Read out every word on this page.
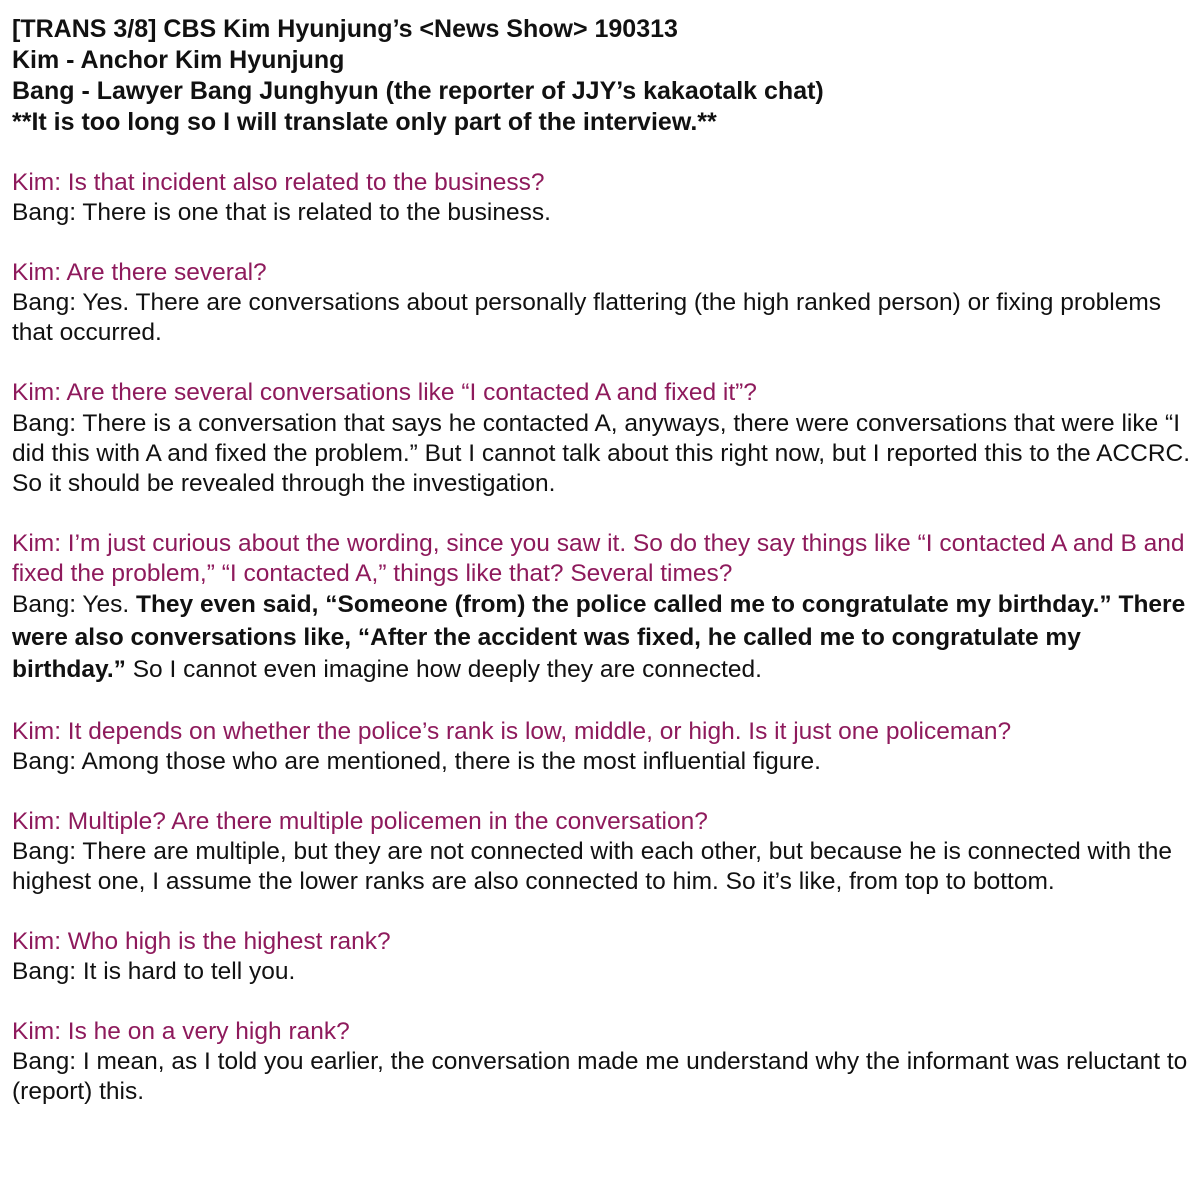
[TRANS 3/8] CBS Kim Hyunjung’s <News Show> 190313

Kim - Anchor Kim Hyunjung

Bang - Lawyer Bang Junghyun (the reporter of JJY’s kakaotalk chat)

**It is too long so I will translate only part of the interview.**

Kim: Is that incident also related to the business?

Bang: There is one that is related to the business.

Kim: Are there several?

Bang: Yes. There are conversations about personally flattering (the high ranked person) or fixing problems that occurred.

Kim: Are there several conversations like “I contacted A and fixed it”?

Bang: There is a conversation that says he contacted A, anyways, there were conversations that were like “I did this with A and fixed the problem.” But I cannot talk about this right now, but I reported this to the ACCRC. So it should be revealed through the investigation.

Kim: I’m just curious about the wording, since you saw it. So do they say things like “I contacted A and B and fixed the problem,” “I contacted A,” things like that? Several times?

Bang: Yes. They even said, “Someone (from) the police called me to congratulate my birthday.” There were also conversations like, “After the accident was fixed, he called me to congratulate my birthday.” So I cannot even imagine how deeply they are connected.

Kim: It depends on whether the police’s rank is low, middle, or high. Is it just one policeman?

Bang: Among those who are mentioned, there is the most influential figure.

Kim: Multiple? Are there multiple policemen in the conversation?

Bang: There are multiple, but they are not connected with each other, but because he is connected with the highest one, I assume the lower ranks are also connected to him. So it’s like, from top to bottom.

Kim: Who high is the highest rank?

Bang: It is hard to tell you.

Kim: Is he on a very high rank?

Bang: I mean, as I told you earlier, the conversation made me understand why the informant was reluctant to (report) this.
